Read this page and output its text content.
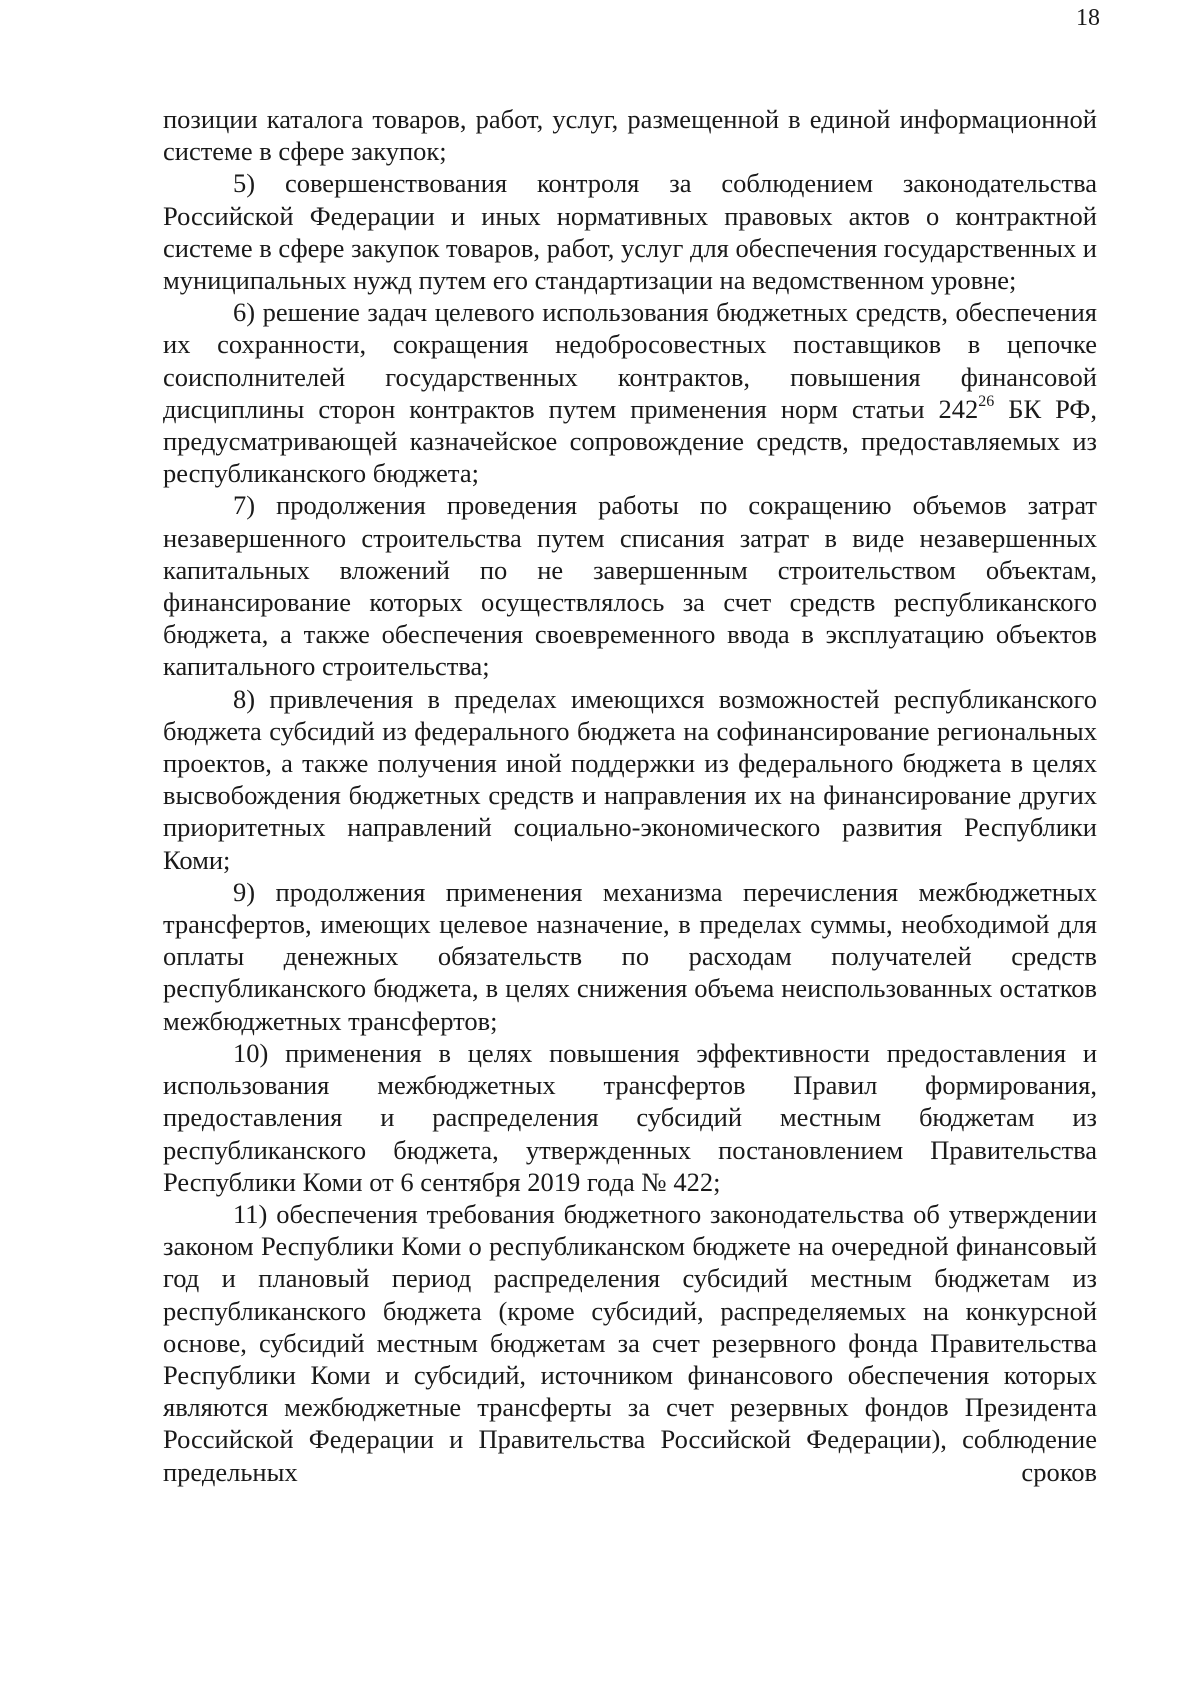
18

позиции каталога товаров, работ, услуг, размещенной в единой информационной системе в сфере закупок;

5) совершенствования контроля за соблюдением законодательства Российской Федерации и иных нормативных правовых актов о контрактной системе в сфере закупок товаров, работ, услуг для обеспечения государственных и муниципальных нужд путем его стандартизации на ведомственном уровне;

6) решение задач целевого использования бюджетных средств, обеспечения их сохранности, сокращения недобросовестных поставщиков в цепочке соисполнителей государственных контрактов, повышения финансовой дисциплины сторон контрактов путем применения норм статьи $242^{26}$ БК РФ, предусматривающей казначейское сопровождение средств, предоставляемых из республиканского бюджета;

7) продолжения проведения работы по сокращению объемов затрат незавершенного строительства путем списания затрат в виде незавершенных капитальных вложений по не завершенным строительством объектам, финансирование которых осуществлялось за счет средств республиканского бюджета, а также обеспечения своевременного ввода в эксплуатацию объектов капитального строительства;

8) привлечения в пределах имеющихся возможностей республиканского бюджета субсидий из федерального бюджета на софинансирование региональных проектов, а также получения иной поддержки из федерального бюджета в целях высвобождения бюджетных средств и направления их на финансирование других приоритетных направлений социально-экономического развития Республики Коми;

9) продолжения применения механизма перечисления межбюджетных трансфертов, имеющих целевое назначение, в пределах суммы, необходимой для оплаты денежных обязательств по расходам получателей средств республиканского бюджета, в целях снижения объема неиспользованных остатков межбюджетных трансфертов;

10) применения в целях повышения эффективности предоставления и использования межбюджетных трансфертов Правил формирования, предоставления и распределения субсидий местным бюджетам из республиканского бюджета, утвержденных постановлением Правительства Республики Коми от 6 сентября 2019 года № 422;

11) обеспечения требования бюджетного законодательства об утверждении законом Республики Коми о республиканском бюджете на очередной финансовый год и плановый период распределения субсидий местным бюджетам из республиканского бюджета (кроме субсидий, распределяемых на конкурсной основе, субсидий местным бюджетам за счет резервного фонда Правительства Республики Коми и субсидий, источником финансового обеспечения которых являются межбюджетные трансферты за счет резервных фондов Президента Российской Федерации и Правительства Российской Федерации), соблюдение предельных сроков
